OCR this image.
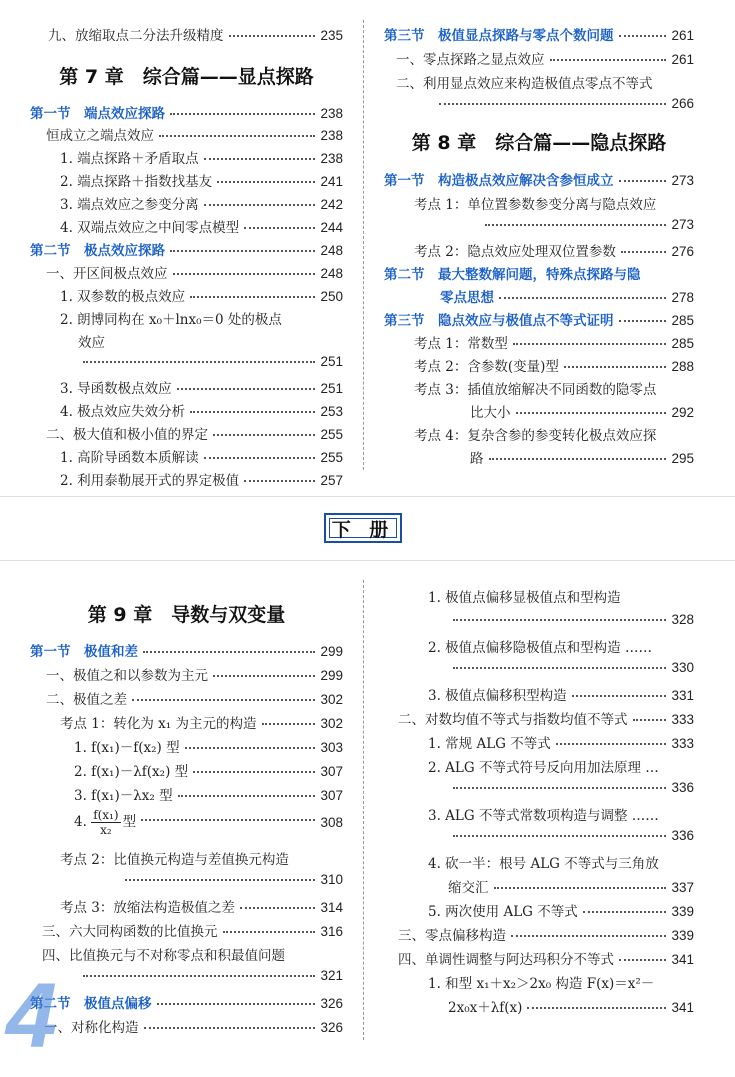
九、放缩取点二分法升级精度	235
第 7 章　综合篇——显点探路
第一节　端点效应探路	238
恒成立之端点效应	238
1. 端点探路＋矛盾取点	238
2. 端点探路＋指数找基友	241
3. 端点效应之参变分离	242
4. 双端点效应之中间零点模型	244
第二节　极点效应探路	248
一、开区间极点效应	248
1. 双参数的极点效应	250
2. 朗博同构在 x₀＋lnx₀＝0 处的极点
效应
251
3. 导函数极点效应	251
4. 极点效应失效分析	253
二、极大值和极小值的界定	255
1. 高阶导函数本质解读	255
2. 利用泰勒展开式的界定极值	257
第三节　极值显点探路与零点个数问题	261
一、零点探路之显点效应	261
二、利用显点效应来构造极值点零点不等式
266
第 8 章　综合篇——隐点探路
第一节　构造极点效应解决含参恒成立	273
考点 1：单位置参数参变分离与隐点效应
273
考点 2：隐点效应处理双位置参数	276
第二节　最大整数解问题，特殊点探路与隐
零点思想	278
第三节　隐点效应与极值点不等式证明	285
考点 1：常数型	285
考点 2：含参数(变量)型	288
考点 3：插值放缩解决不同函数的隐零点
比大小	292
考点 4：复杂含参的参变转化极点效应探
路	295
下 册
第 9 章　导数与双变量
第一节　极值和差	299
一、极值之和以参数为主元	299
二、极值之差	302
考点 1：转化为 x₁ 为主元的构造	302
1. f(x₁)－f(x₂) 型	303
2. f(x₁)－λf(x₂) 型	307
3. f(x₁)－λx₂ 型	307
4. $\frac{\text{f(x₁)}}{\text{x₂}}$ 型	308
考点 2：比值换元构造与差值换元构造
310
考点 3：放缩法构造极值之差	314
三、六大同构函数的比值换元	316
四、比值换元与不对称零点和积最值问题
321
第二节　极值点偏移	326
一、对称化构造	326
4
1. 极值点偏移显极值点和型构造
328
2. 极值点偏移隐极值点和型构造 ……
330
3. 极值点偏移积型构造	331
二、对数均值不等式与指数均值不等式	333
1. 常规 ALG 不等式	333
2. ALG 不等式符号反向用加法原理 …
336
3. ALG 不等式常数项构造与调整 ……
336
4. 砍一半：根号 ALG 不等式与三角放
缩交汇	337
5. 两次使用 ALG 不等式	339
三、零点偏移构造	339
四、单调性调整与阿达玛积分不等式	341
1. 和型 x₁＋x₂＞2x₀ 构造 F(x)＝x²－
2x₀x＋λf(x)	341
